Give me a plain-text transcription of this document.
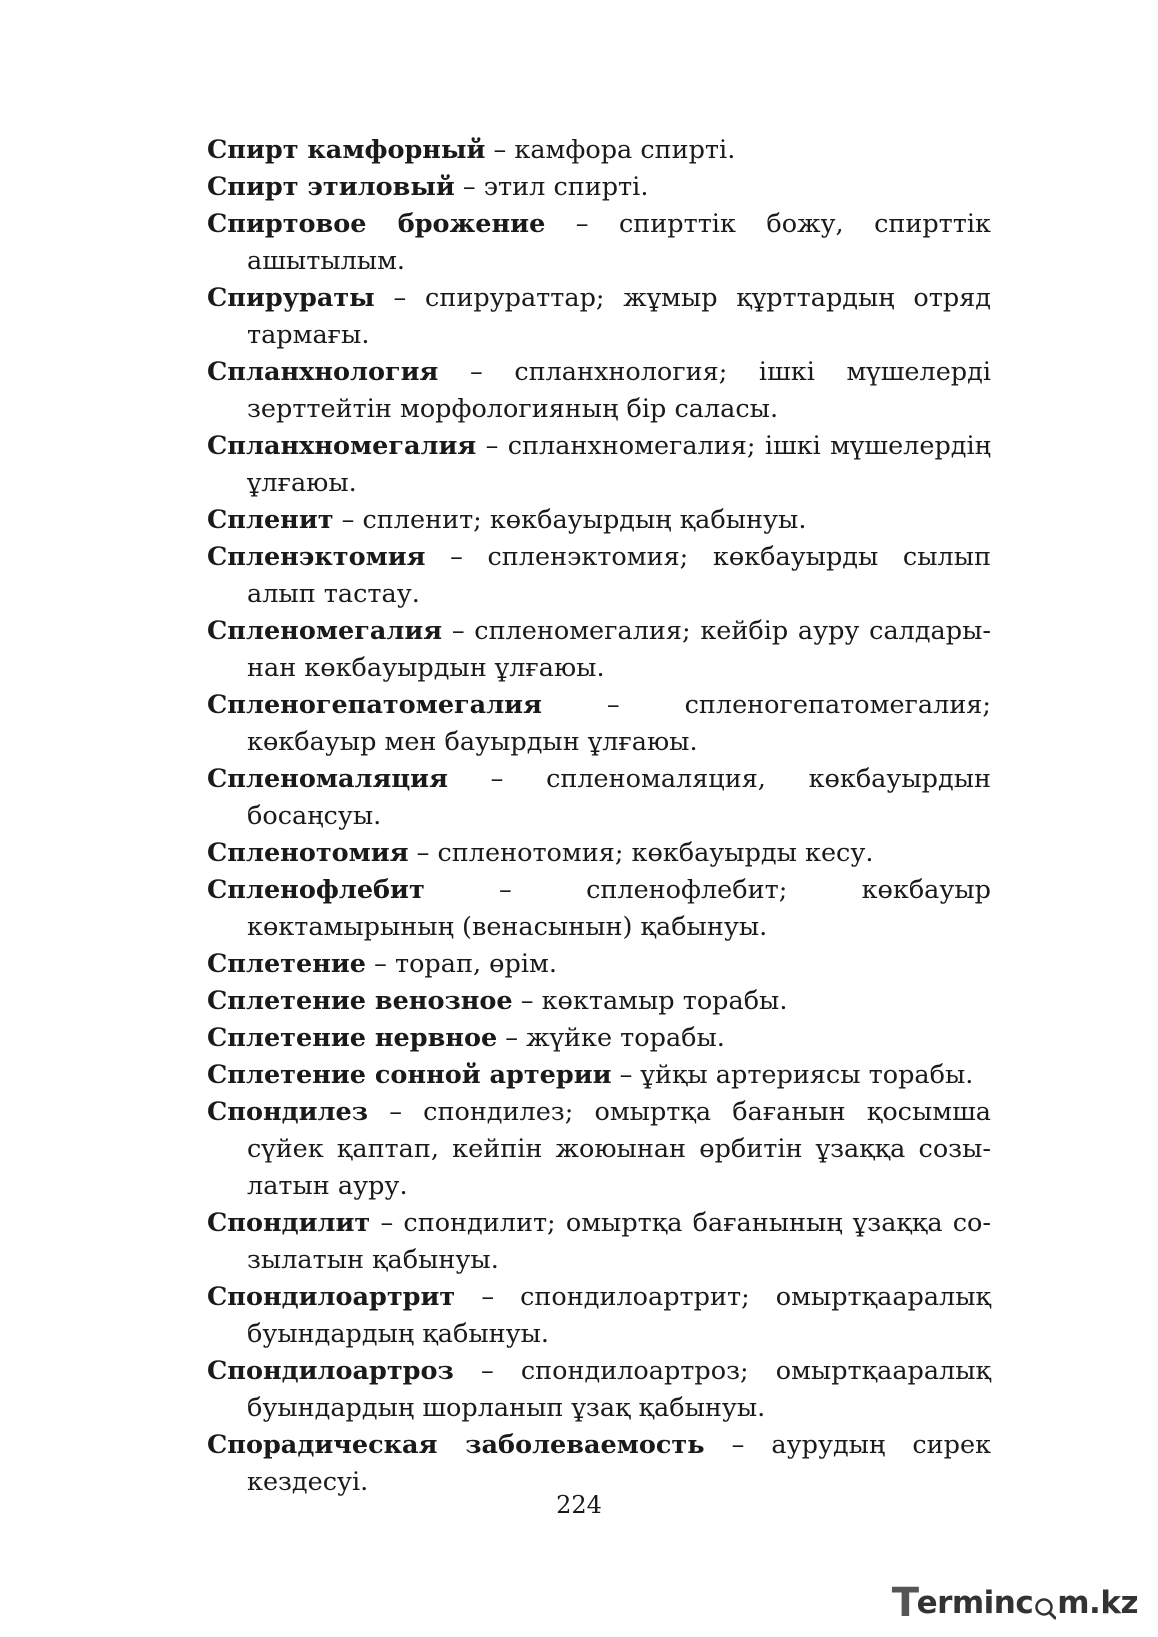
Спирт камфорный – камфора спирті.

Спирт этиловый – этил спирті.

Спиртовое брожение – спирттік божу, спирттік ашытылым.

Спирураты – спирураттар; жұмыр құрттардың отряд тармағы.

Спланхнология – спланхнология; ішкі мүшелерді зерттейтін морфологияның бір саласы.

Спланхномегалия – спланхномегалия; ішкі мүшелердің ұлғаюы.

Спленит – спленит; көкбауырдың қабынуы.

Спленэктомия – спленэктомия; көкбауырды сылып алып тастау.

Спленомегалия – спленомегалия; кейбір ауру салдарынан көкбауырдын ұлғаюы.

Спленогепатомегалия – спленогепатомегалия; көкбауыр мен бауырдын ұлғаюы.

Спленомаляция – спленомаляция, көкбауырдын босаңсуы.

Спленотомия – спленотомия; көкбауырды кесу.

Спленофлебит – спленофлебит; көкбауыр көктамырының (венасынын) қабынуы.

Сплетение – торап, өрім.

Сплетение венозное – көктамыр торабы.

Сплетение нервное – жүйке торабы.

Сплетение сонной артерии – ұйқы артериясы торабы.

Спондилез – спондилез; омыртқа бағанын қосымша сүйек қаптап, кейпін жоюынан өрбитін ұзаққа созылатын ауру.

Спондилит – спондилит; омыртқа бағанының ұзаққа созылатын қабынуы.

Спондилоартрит – спондилоартрит; омыртқааралық буындардың қабынуы.

Спондилоартроз – спондилоартроз; омыртқааралық буындардың шорланып ұзақ қабынуы.

Спорадическая заболеваемость – аурудың сирек кездесуі.

224
T
erminc m.kz
